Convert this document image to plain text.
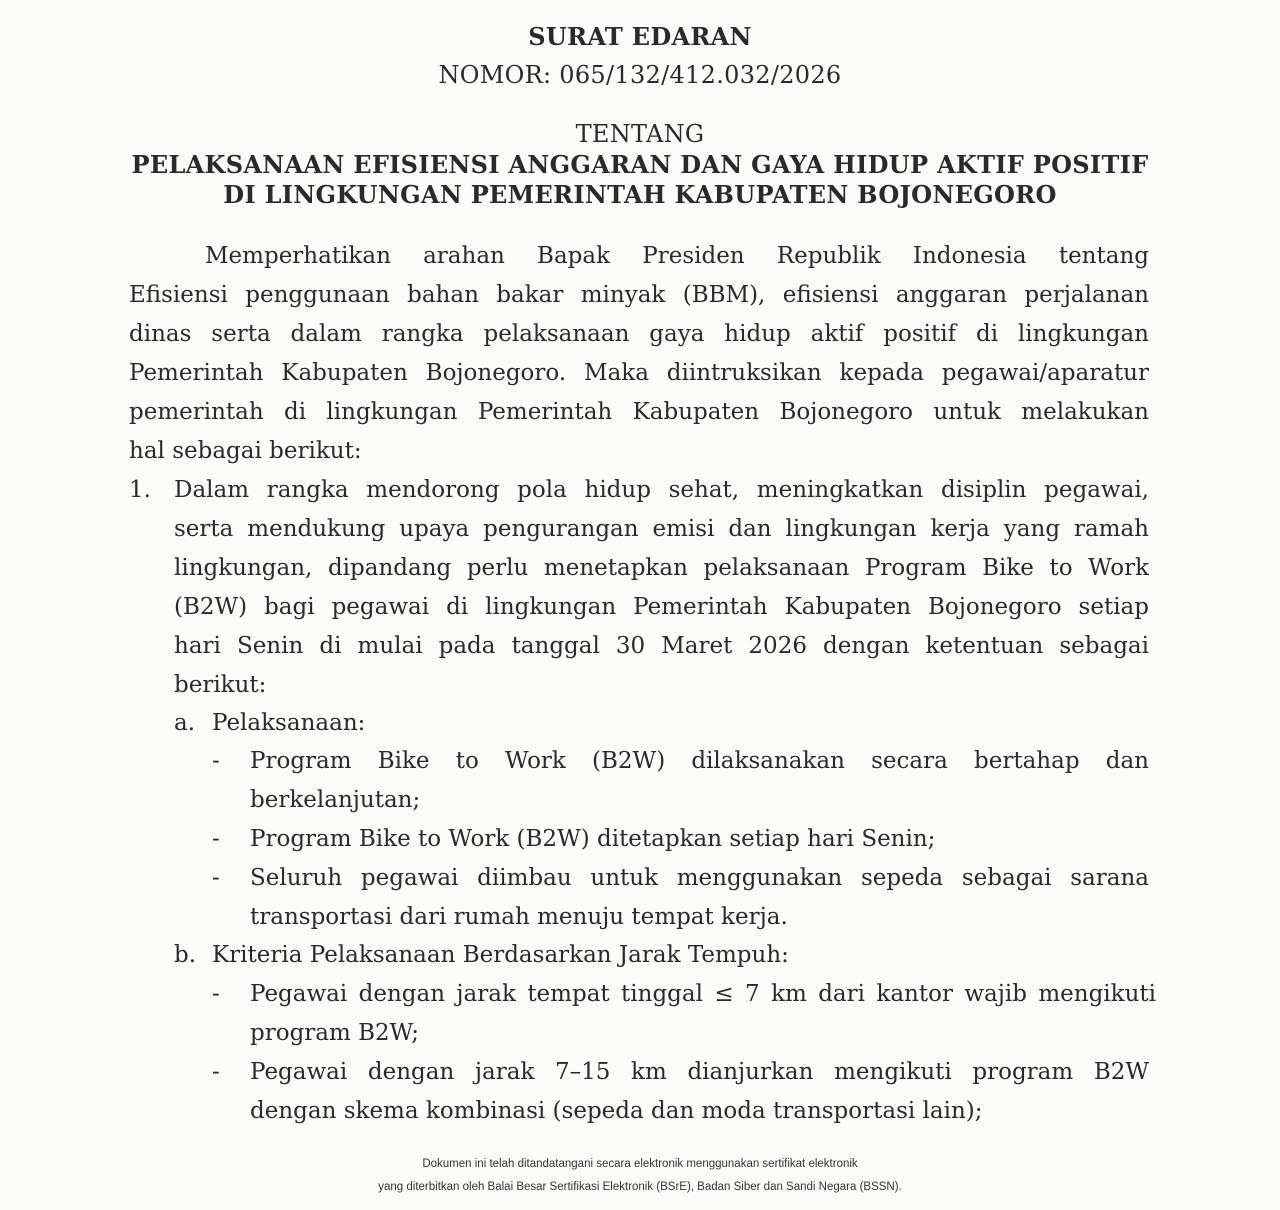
SURAT EDARAN
NOMOR: 065/132/412.032/2026
TENTANG
PELAKSANAAN EFISIENSI ANGGARAN DAN GAYA HIDUP AKTIF POSITIF
DI LINGKUNGAN PEMERINTAH KABUPATEN BOJONEGORO
Memperhatikan arahan Bapak Presiden Republik Indonesia tentang
Efisiensi penggunaan bahan bakar minyak (BBM), efisiensi anggaran perjalanan
dinas serta dalam rangka pelaksanaan gaya hidup aktif positif di lingkungan
Pemerintah Kabupaten Bojonegoro. Maka diintruksikan kepada pegawai/aparatur
pemerintah di lingkungan Pemerintah Kabupaten Bojonegoro untuk melakukan
hal sebagai berikut:
1. Dalam rangka mendorong pola hidup sehat, meningkatkan disiplin pegawai,
serta mendukung upaya pengurangan emisi dan lingkungan kerja yang ramah
lingkungan, dipandang perlu menetapkan pelaksanaan Program Bike to Work
(B2W) bagi pegawai di lingkungan Pemerintah Kabupaten Bojonegoro setiap
hari Senin di mulai pada tanggal 30 Maret 2026 dengan ketentuan sebagai
berikut:
a. Pelaksanaan:
- Program Bike to Work (B2W) dilaksanakan secara bertahap dan
berkelanjutan;
- Program Bike to Work (B2W) ditetapkan setiap hari Senin;
- Seluruh pegawai diimbau untuk menggunakan sepeda sebagai sarana
transportasi dari rumah menuju tempat kerja.
b. Kriteria Pelaksanaan Berdasarkan Jarak Tempuh:
- Pegawai dengan jarak tempat tinggal ≤ 7 km dari kantor wajib mengikuti
program B2W;
- Pegawai dengan jarak 7–15 km dianjurkan mengikuti program B2W
dengan skema kombinasi (sepeda dan moda transportasi lain);
Dokumen ini telah ditandatangani secara elektronik menggunakan sertifikat elektronik
yang diterbitkan oleh Balai Besar Sertifikasi Elektronik (BSrE), Badan Siber dan Sandi Negara (BSSN).
